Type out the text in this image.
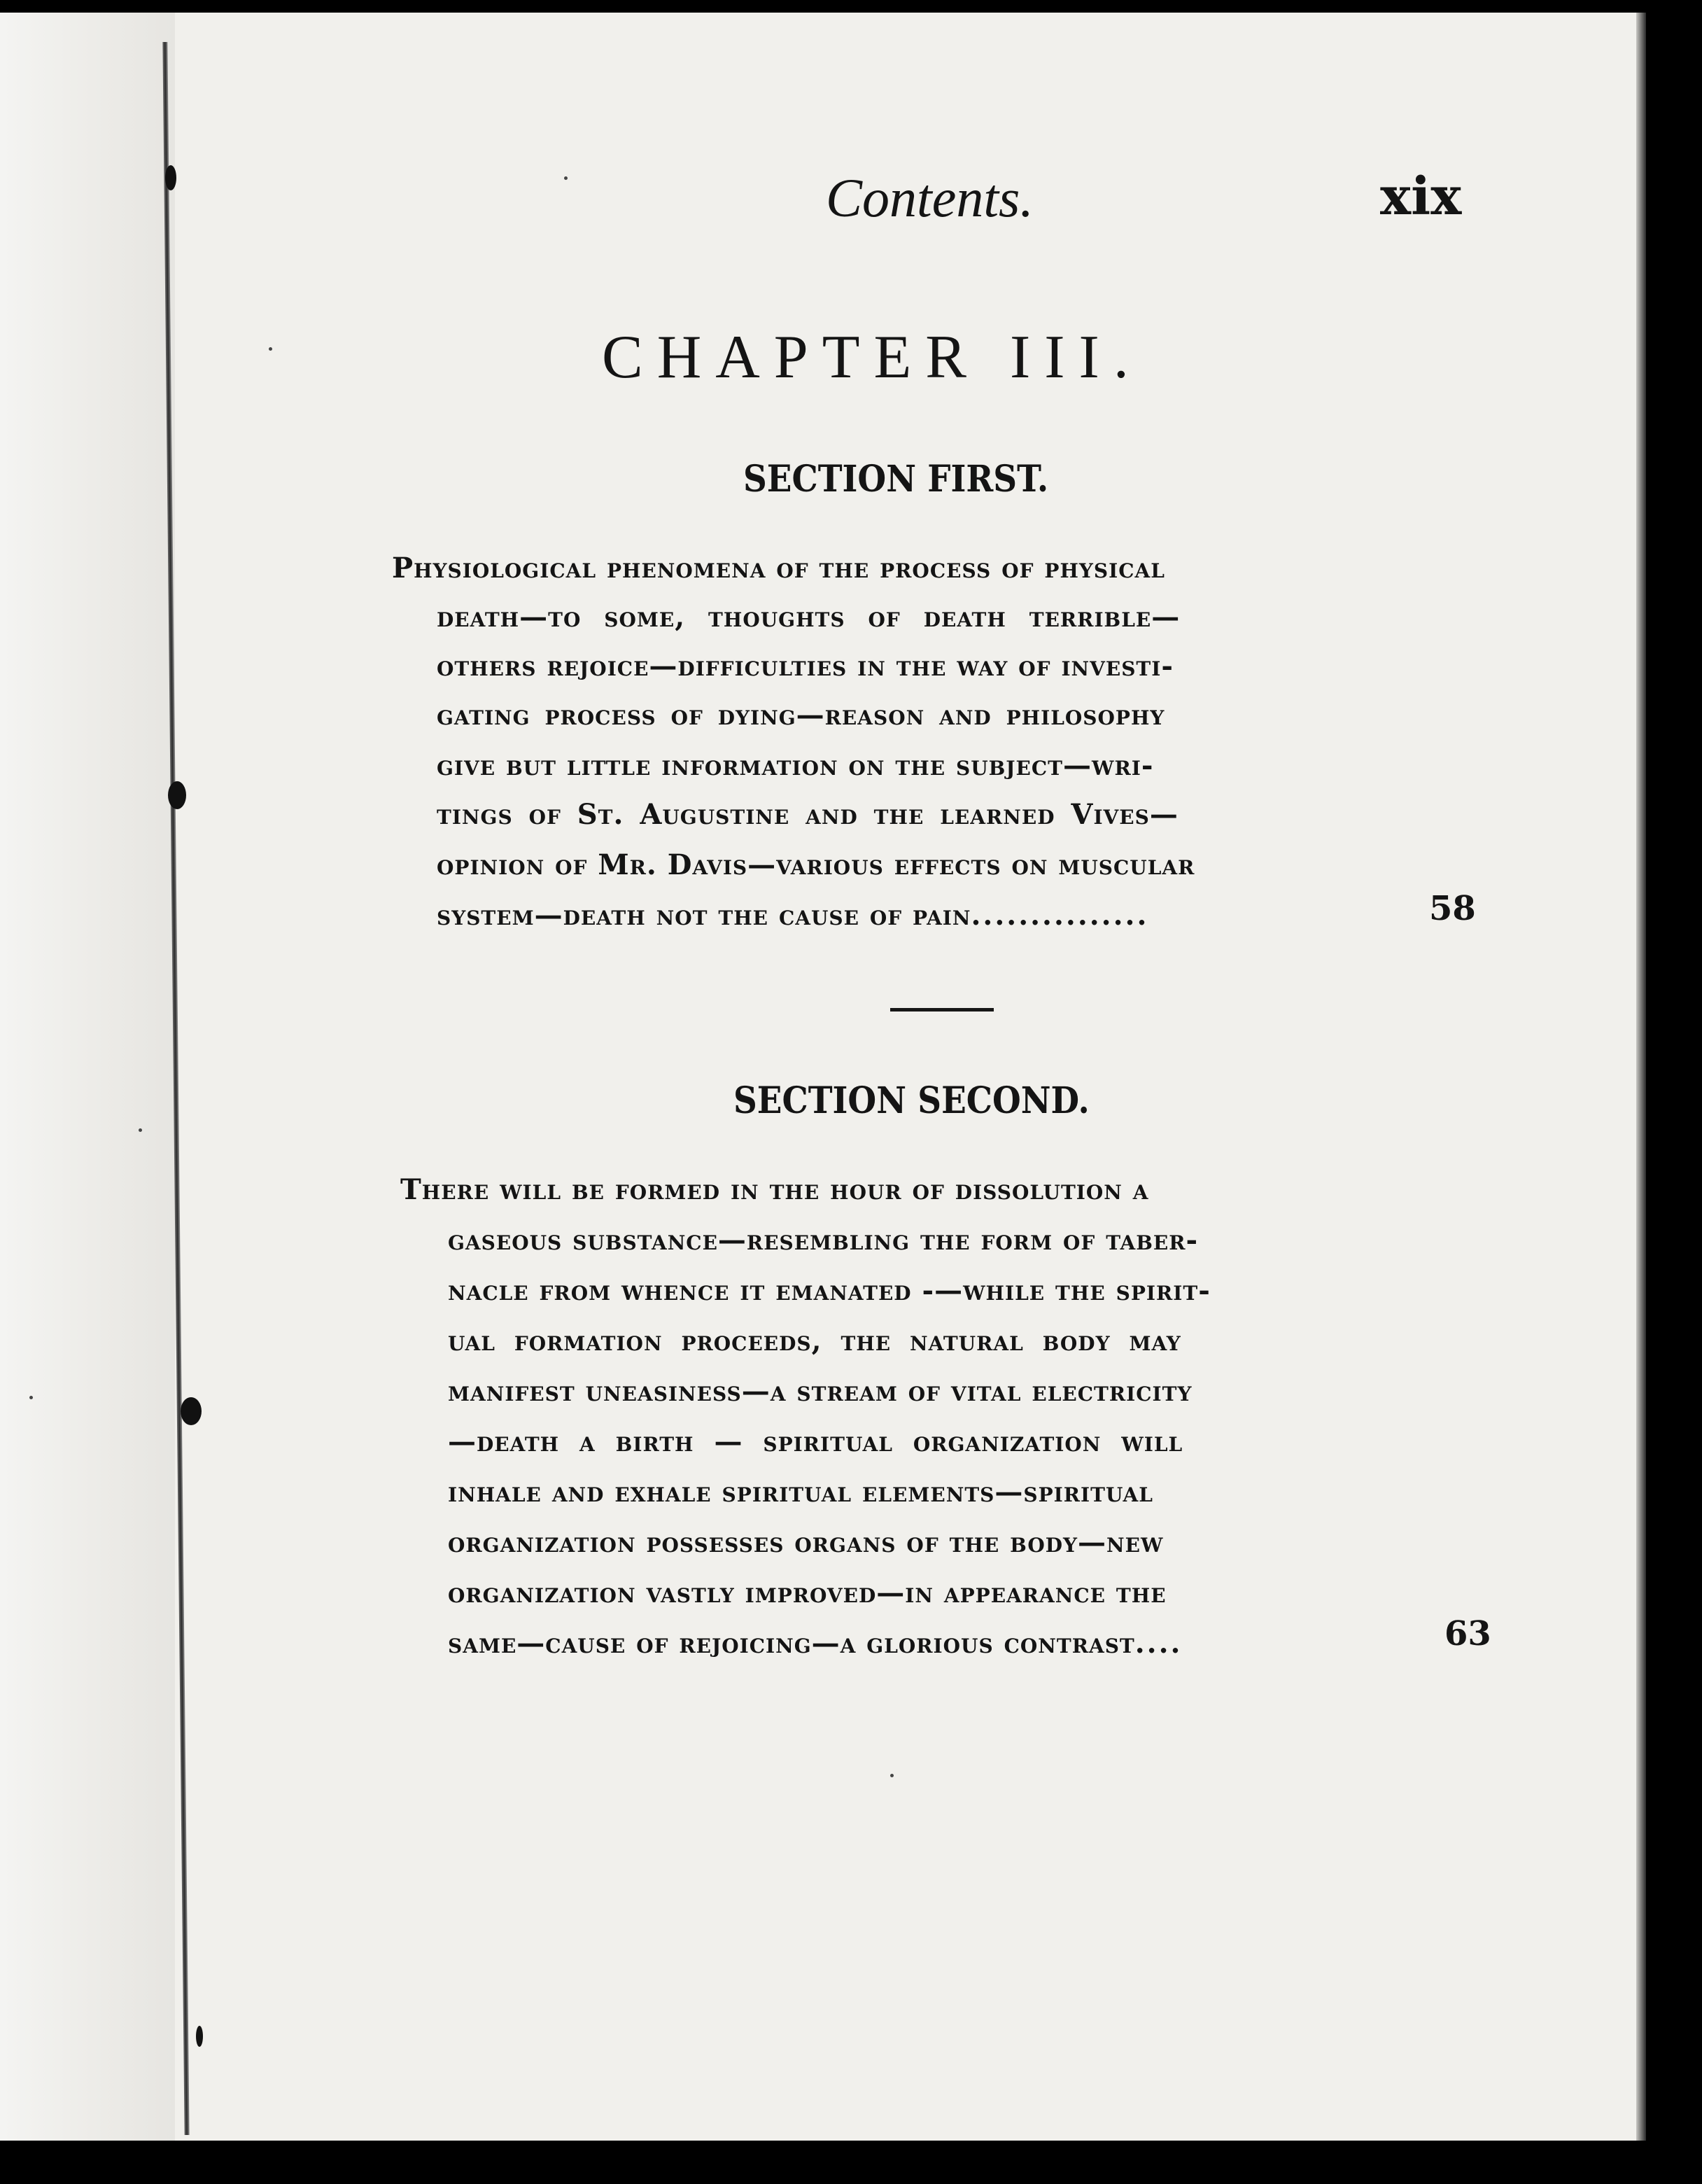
Contents.	xix
CHAPTER III.
SECTION FIRST.
Physiological phenomena of the process of physical
death—to some, thoughts of death terrible—
others rejoice—difficulties in the way of investi-
gating process of dying—reason and philosophy
give but little information on the subject—wri-
tings of St. Augustine and the learned Vives—
opinion of Mr. Davis—various effects on muscular
system—death not the cause of pain...............	58
SECTION SECOND.
There will be formed in the hour of dissolution a
gaseous substance—resembling the form of taber-
nacle from whence it emanated -—while the spirit-
ual formation proceeds, the natural body may
manifest uneasiness—a stream of vital electricity
—death a birth — spiritual organization will
inhale and exhale spiritual elements—spiritual
organization possesses organs of the body—new
organization vastly improved—in appearance the
same—cause of rejoicing—a glorious contrast....	63
